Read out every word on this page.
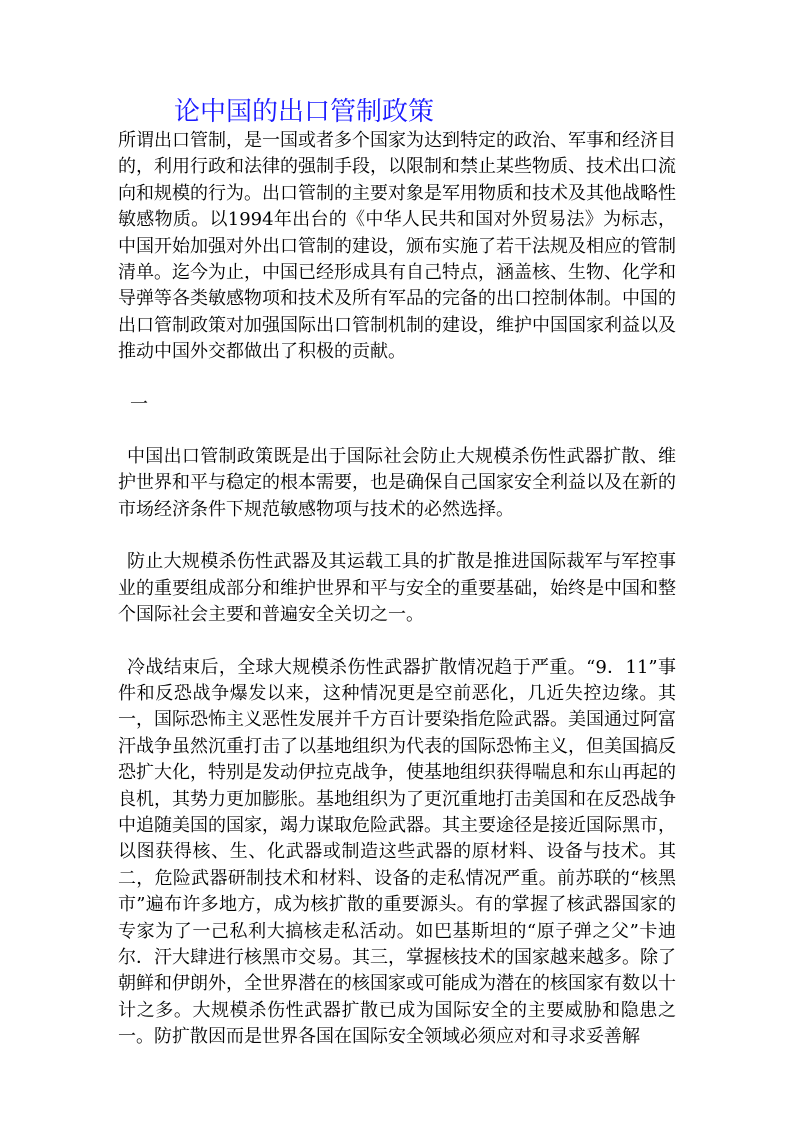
论中国的出口管制政策

所谓出口管制，是一国或者多个国家为达到特定的政治、军事和经济目的，利用行政和法律的强制手段，以限制和禁止某些物质、技术出口流向和规模的行为。出口管制的主要对象是军用物质和技术及其他战略性敏感物质。以1994年出台的《中华人民共和国对外贸易法》为标志，中国开始加强对外出口管制的建设，颁布实施了若干法规及相应的管制清单。迄今为止，中国已经形成具有自己特点，涵盖核、生物、化学和导弹等各类敏感物项和技术及所有军品的完备的出口控制体制。中国的出口管制政策对加强国际出口管制机制的建设，维护中国国家利益以及推动中国外交都做出了积极的贡献。

一

中国出口管制政策既是出于国际社会防止大规模杀伤性武器扩散、维护世界和平与稳定的根本需要，也是确保自己国家安全利益以及在新的市场经济条件下规范敏感物项与技术的必然选择。

防止大规模杀伤性武器及其运载工具的扩散是推进国际裁军与军控事业的重要组成部分和维护世界和平与安全的重要基础，始终是中国和整个国际社会主要和普遍安全关切之一。

冷战结束后，全球大规模杀伤性武器扩散情况趋于严重。“9．11”事件和反恐战争爆发以来，这种情况更是空前恶化，几近失控边缘。其一，国际恐怖主义恶性发展并千方百计要染指危险武器。美国通过阿富汗战争虽然沉重打击了以基地组织为代表的国际恐怖主义，但美国搞反恐扩大化，特别是发动伊拉克战争，使基地组织获得喘息和东山再起的良机，其势力更加膨胀。基地组织为了更沉重地打击美国和在反恐战争中追随美国的国家，竭力谋取危险武器。其主要途径是接近国际黑市，以图获得核、生、化武器或制造这些武器的原材料、设备与技术。其二，危险武器研制技术和材料、设备的走私情况严重。前苏联的“核黑市”遍布许多地方，成为核扩散的重要源头。有的掌握了核武器国家的专家为了一己私利大搞核走私活动。如巴基斯坦的“原子弹之父”卡迪尔．汗大肆进行核黑市交易。其三，掌握核技术的国家越来越多。除了朝鲜和伊朗外，全世界潜在的核国家或可能成为潜在的核国家有数以十计之多。大规模杀伤性武器扩散已成为国际安全的主要威胁和隐患之一。防扩散因而是世界各国在国际安全领域必须应对和寻求妥善解
